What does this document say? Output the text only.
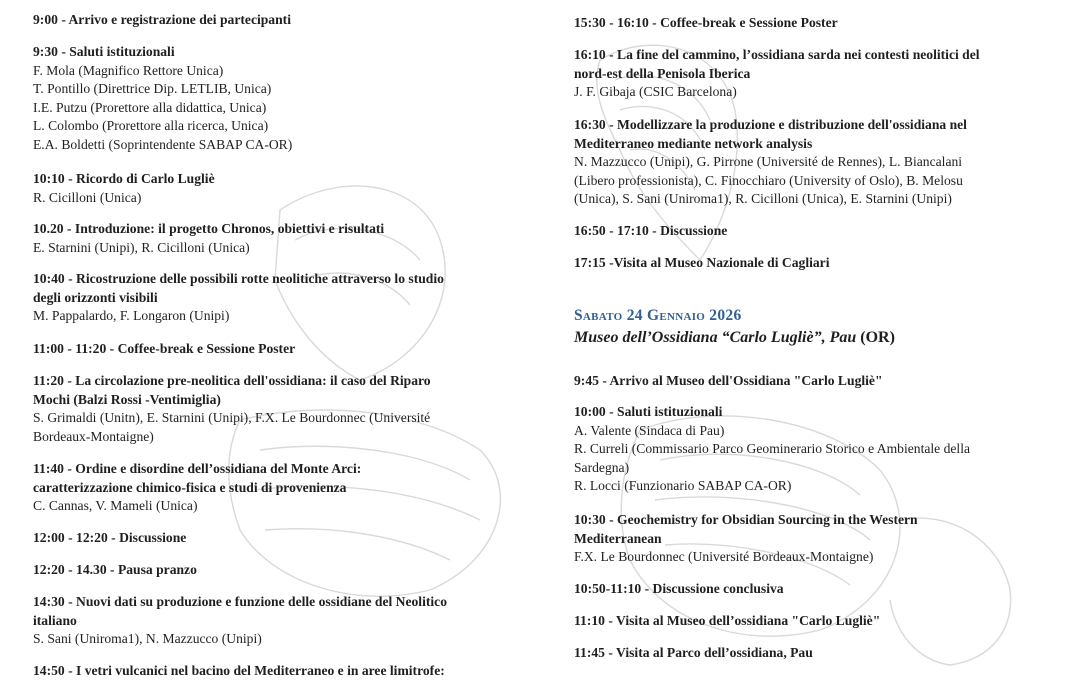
9:00 - Arrivo e registrazione dei partecipanti
9:30 - Saluti istituzionali
F. Mola (Magnifico Rettore Unica)
T. Pontillo (Direttrice Dip. LETLIB, Unica)
I.E. Putzu (Prorettore alla didattica, Unica)
L. Colombo (Prorettore alla ricerca, Unica)
E.A. Boldetti (Soprintendente SABAP CA-OR)
10:10 - Ricordo di Carlo Lugliè
R. Cicilloni (Unica)
10.20 - Introduzione: il progetto Chronos, obiettivi e risultati
E. Starnini (Unipi), R. Cicilloni (Unica)
10:40 - Ricostruzione delle possibili rotte neolitiche attraverso lo studio
degli orizzonti visibili
M. Pappalardo, F. Longaron (Unipi)
11:00 - 11:20 - Coffee-break e Sessione Poster
11:20 - La circolazione pre-neolitica dell'ossidiana: il caso del Riparo
Mochi (Balzi Rossi -Ventimiglia)
S. Grimaldi (Unitn), E. Starnini (Unipi), F.X. Le Bourdonnec (Université
Bordeaux-Montaigne)
11:40 - Ordine e disordine dell’ossidiana del Monte Arci:
caratterizzazione chimico-fisica e studi di provenienza
C. Cannas, V. Mameli (Unica)
12:00 - 12:20 - Discussione
12:20 - 14.30 - Pausa pranzo
14:30 - Nuovi dati su produzione e funzione delle ossidiane del Neolitico
italiano
S. Sani (Uniroma1), N. Mazzucco (Unipi)
14:50 - I vetri vulcanici nel bacino del Mediterraneo e in aree limitrofe:
15:30 - 16:10 - Coffee-break e Sessione Poster
16:10 - La fine del cammino, l’ossidiana sarda nei contesti neolitici del
nord-est della Penisola Iberica
J. F. Gibaja (CSIC Barcelona)
16:30 - Modellizzare la produzione e distribuzione dell'ossidiana nel
Mediterraneo mediante network analysis
N. Mazzucco (Unipi), G. Pirrone (Université de Rennes), L. Biancalani
(Libero professionista), C. Finocchiaro (University of Oslo), B. Melosu
(Unica), S. Sani (Uniroma1), R. Cicilloni (Unica), E. Starnini (Unipi)
16:50 - 17:10 - Discussione
17:15 -Visita al Museo Nazionale di Cagliari
Sabato 24 Gennaio 2026
Museo dell’Ossidiana “Carlo Lugliè”, Pau (OR)
9:45 - Arrivo al Museo dell'Ossidiana "Carlo Lugliè"
10:00 - Saluti istituzionali
A. Valente (Sindaca di Pau)
R. Curreli (Commissario Parco Geominerario Storico e Ambientale della
Sardegna)
R. Locci (Funzionario SABAP CA-OR)
10:30 - Geochemistry for Obsidian Sourcing in the Western
Mediterranean
F.X. Le Bourdonnec (Université Bordeaux-Montaigne)
10:50-11:10 - Discussione conclusiva
11:10 - Visita al Museo dell’ossidiana "Carlo Lugliè"
11:45 - Visita al Parco dell’ossidiana, Pau
